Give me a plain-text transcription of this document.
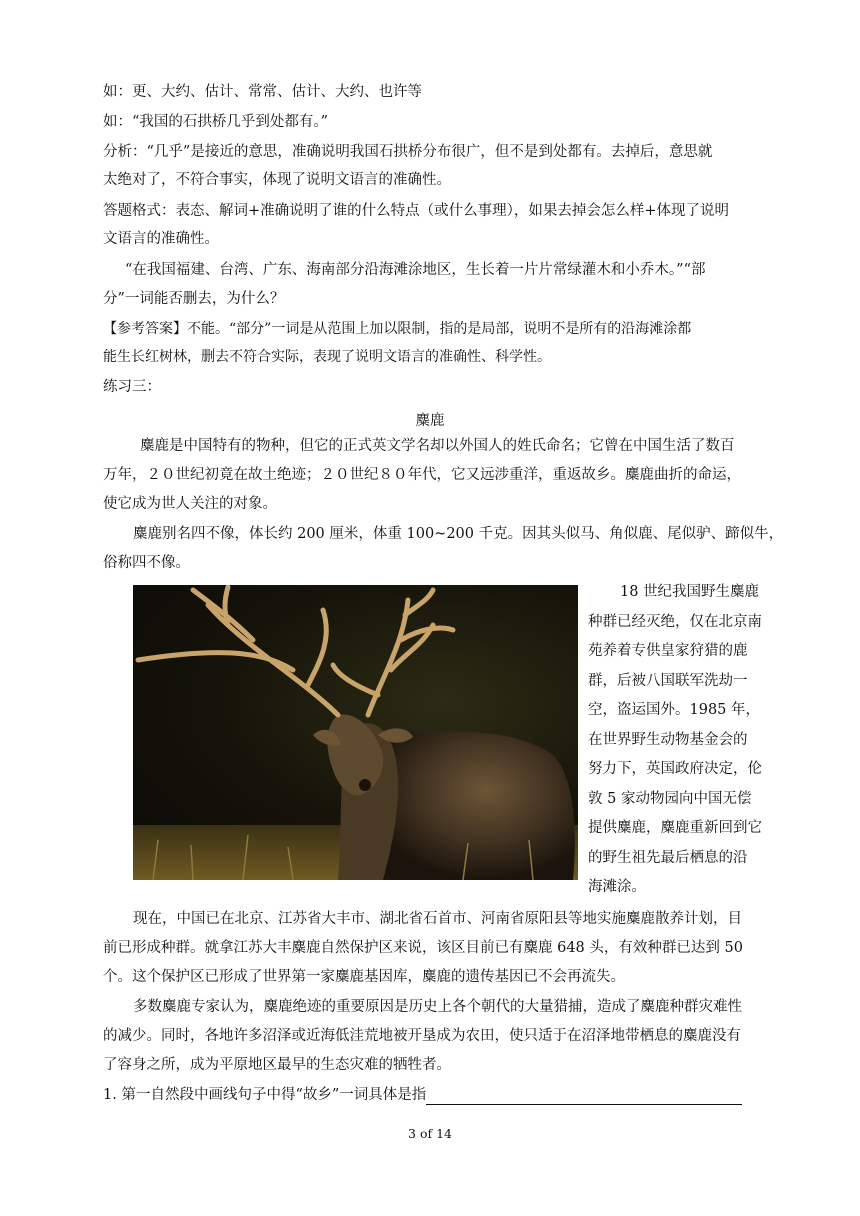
如：更、大约、估计、常常、估计、大约、也许等
如：“我国的石拱桥几乎到处都有。”
分析：“几乎”是接近的意思，准确说明我国石拱桥分布很广，但不是到处都有。去掉后，意思就
太绝对了，不符合事实，体现了说明文语言的准确性。
答题格式：表态、解词+准确说明了谁的什么特点（或什么事理），如果去掉会怎么样+体现了说明
文语言的准确性。
“在我国福建、台湾、广东、海南部分沿海滩涂地区，生长着一片片常绿灌木和小乔木。”“部
分”一词能否删去，为什么？
【参考答案】不能。“部分”一词是从范围上加以限制，指的是局部，说明不是所有的沿海滩涂都
能生长红树林，删去不符合实际，表现了说明文语言的准确性、科学性。
练习三：
麋鹿
麋鹿是中国特有的物种，但它的正式英文学名却以外国人的姓氏命名；它曾在中国生活了数百
万年，２０世纪初竟在故土绝迹；２０世纪８０年代，它又远涉重洋，重返故乡。麋鹿曲折的命运，
使它成为世人关注的对象。
麋鹿别名四不像，体长约 200 厘米，体重 100~200 千克。因其头似马、角似鹿、尾似驴、蹄似牛，
俗称四不像。
18 世纪我国野生麋鹿
种群已经灭绝，仅在北京南
苑养着专供皇家狩猎的鹿
群，后被八国联军洗劫一
空，盗运国外。1985 年，
在世界野生动物基金会的
努力下，英国政府决定，伦
敦 5 家动物园向中国无偿
提供麋鹿，麋鹿重新回到它
的野生祖先最后栖息的沿
海滩涂。
现在，中国已在北京、江苏省大丰市、湖北省石首市、河南省原阳县等地实施麋鹿散养计划，目
前已形成种群。就拿江苏大丰麋鹿自然保护区来说，该区目前已有麋鹿 648 头，有效种群已达到 50
个。这个保护区已形成了世界第一家麋鹿基因库，麋鹿的遗传基因已不会再流失。
多数麋鹿专家认为，麋鹿绝迹的重要原因是历史上各个朝代的大量猎捕，造成了麋鹿种群灾难性
的减少。同时，各地许多沼泽或近海低洼荒地被开垦成为农田，使只适于在沼泽地带栖息的麋鹿没有
了容身之所，成为平原地区最早的生态灾难的牺牲者。
1. 第一自然段中画线句子中得“故乡”一词具体是指
3 of 14
